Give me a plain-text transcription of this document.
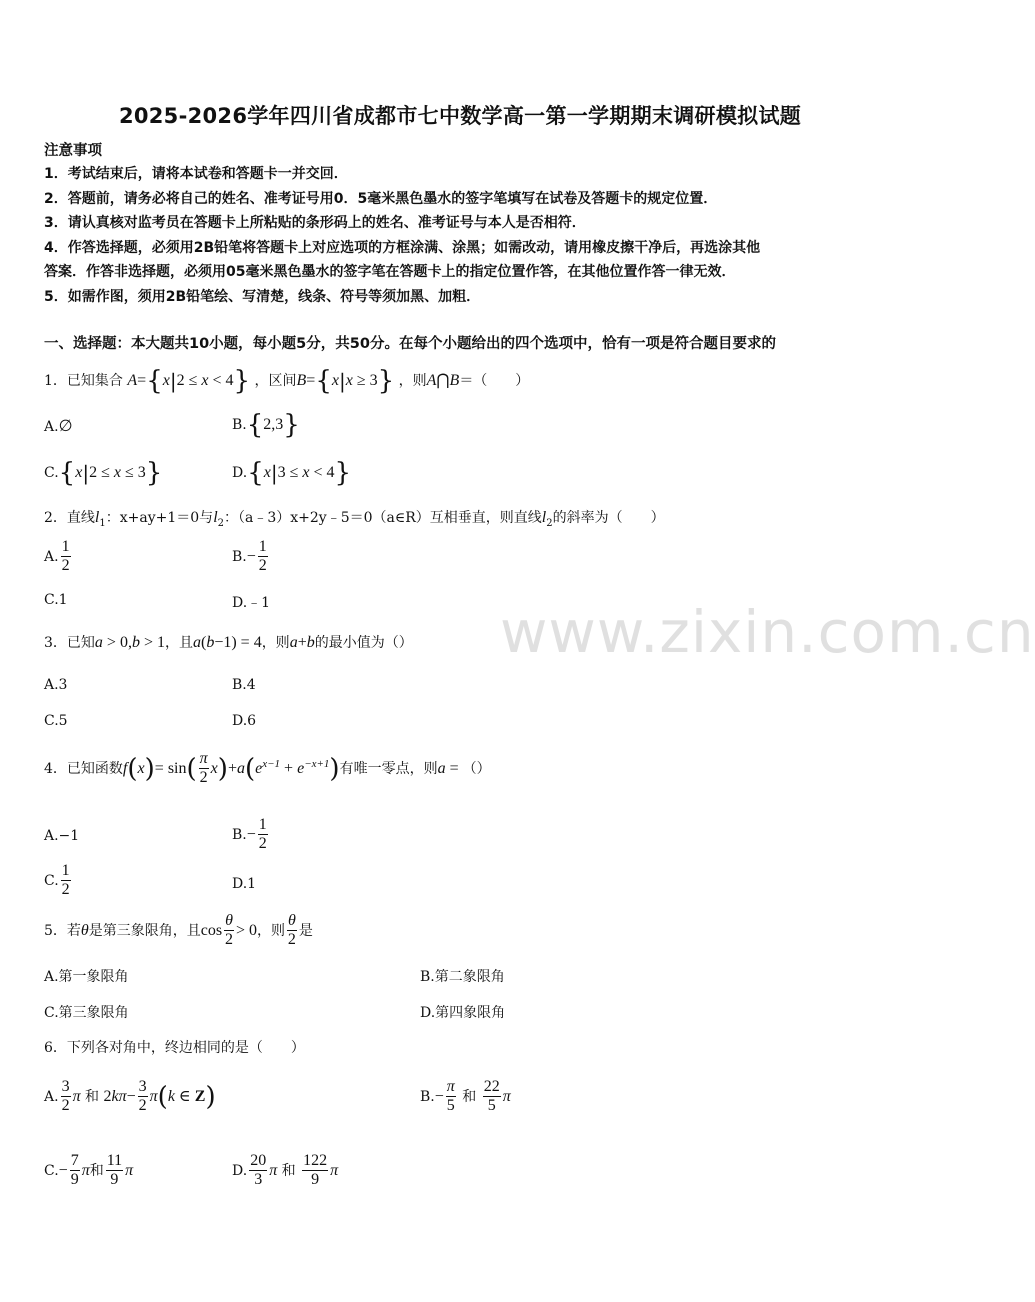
2025-2026学年四川省成都市七中数学高一第一学期期末调研模拟试题
注意事项
1．考试结束后，请将本试卷和答题卡一并交回．
2．答题前，请务必将自己的姓名、准考证号用0．5毫米黑色墨水的签字笔填写在试卷及答题卡的规定位置．
3．请认真核对监考员在答题卡上所粘贴的条形码上的姓名、准考证号与本人是否相符．
4．作答选择题，必须用2B铅笔将答题卡上对应选项的方框涂满、涂黑；如需改动，请用橡皮擦干净后，再选涂其他
答案．作答非选择题，必须用05毫米黑色墨水的签字笔在答题卡上的指定位置作答，在其他位置作答一律无效．
5．如需作图，须用2B铅笔绘、写清楚，线条、符号等须加黑、加粗．
一、选择题：本大题共10小题，每小题5分，共50分。在每个小题给出的四个选项中，恰有一项是符合题目要求的
www.zixin.com.cn
1．已知集合 A={x|2 ≤ x < 4} ，区间B={x|x ≥ 3} ，则A⋂B＝（　　）
A.∅	B.{2,3}
C.{x|2 ≤ x ≤ 3}	D.{x|3 ≤ x < 4}
2．直线$l_1$：x+ay+1＝0与$l_2$：（a﹣3）x+2y﹣5＝0（a∈R）互相垂直，则直线$l_2$的斜率为（　　）
A. $\frac{1}{2}$	$B.- \frac{1}{2}$
C.1	D.﹣1
3．已知a > 0,b > 1，且a(b−1) = 4，则a+b的最小值为（）
A.3	B.4
C.5	D.6
4．已知函数$f(x)= \sin( \frac{\pi}{2} x)+a(e^{x-1} + e^{-x+1})$有唯一零点，则a = （）
A.−1	$B.- \frac{1}{2}$
C. $\frac{1}{2}$	D.1
5．若θ是第三象限角，且$\cos \frac{\theta}{2} > 0$，则 $\frac{\theta}{2}$ 是
A.第一象限角	B.第二象限角
C.第三象限角	D.第四象限角
6．下列各对角中，终边相同的是（　　）
A. $\frac{3}{2}$ π 和 $2k\pi- \frac{3}{2} \pi(k$ ∈ Z)	$B.- \frac{\pi}{5}$ 和 $\frac{22}{5}$ π
$C.- \frac{7}{9}$ π和 $\frac{11}{9}$ π	D. $\frac{20}{3}$ π 和 $\frac{122}{9}$ π
